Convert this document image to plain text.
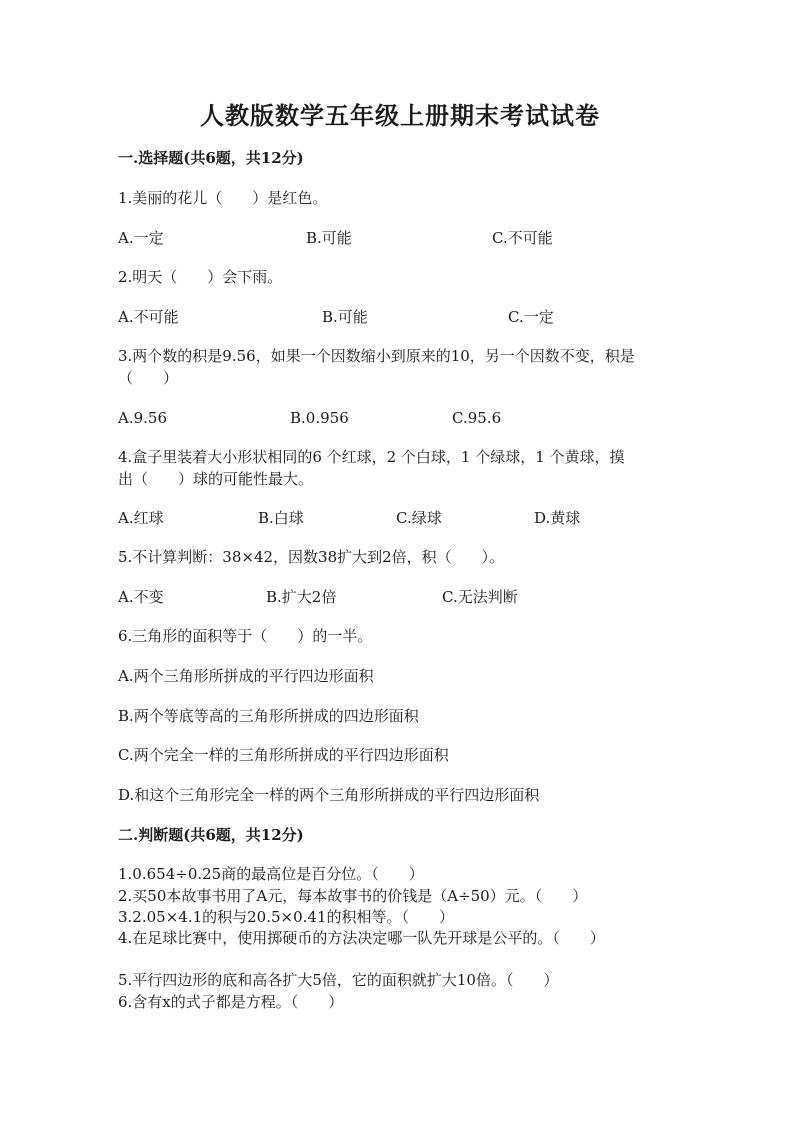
人教版数学五年级上册期末考试试卷
一.选择题(共6题，共12分)
1.美丽的花儿（　　）是红色。
A.一定	B.可能	C.不可能
2.明天（　　）会下雨。
A.不可能	B.可能	C.一定
3.两个数的积是9.56，如果一个因数缩小到原来的10，另一个因数不变，积是
（　　）
A.9.56	B.0.956	C.95.6
4.盒子里装着大小形状相同的6 个红球，2 个白球，1 个绿球，1 个黄球，摸
出（　　）球的可能性最大。
A.红球	B.白球	C.绿球	D.黄球
5.不计算判断：38×42，因数38扩大到2倍，积（　　）。
A.不变	B.扩大2倍	C.无法判断
6.三角形的面积等于（　　）的一半。
A.两个三角形所拼成的平行四边形面积
B.两个等底等高的三角形所拼成的四边形面积
C.两个完全一样的三角形所拼成的平行四边形面积
D.和这个三角形完全一样的两个三角形所拼成的平行四边形面积
二.判断题(共6题，共12分)
1.0.654÷0.25商的最高位是百分位。（　　）
2.买50本故事书用了A元，每本故事书的价钱是（A÷50）元。（　　）
3.2.05×4.1的积与20.5×0.41的积相等。（　　）
4.在足球比赛中，使用掷硬币的方法决定哪一队先开球是公平的。（　　）
5.平行四边形的底和高各扩大5倍，它的面积就扩大10倍。（　　）
6.含有x的式子都是方程。（　　）
